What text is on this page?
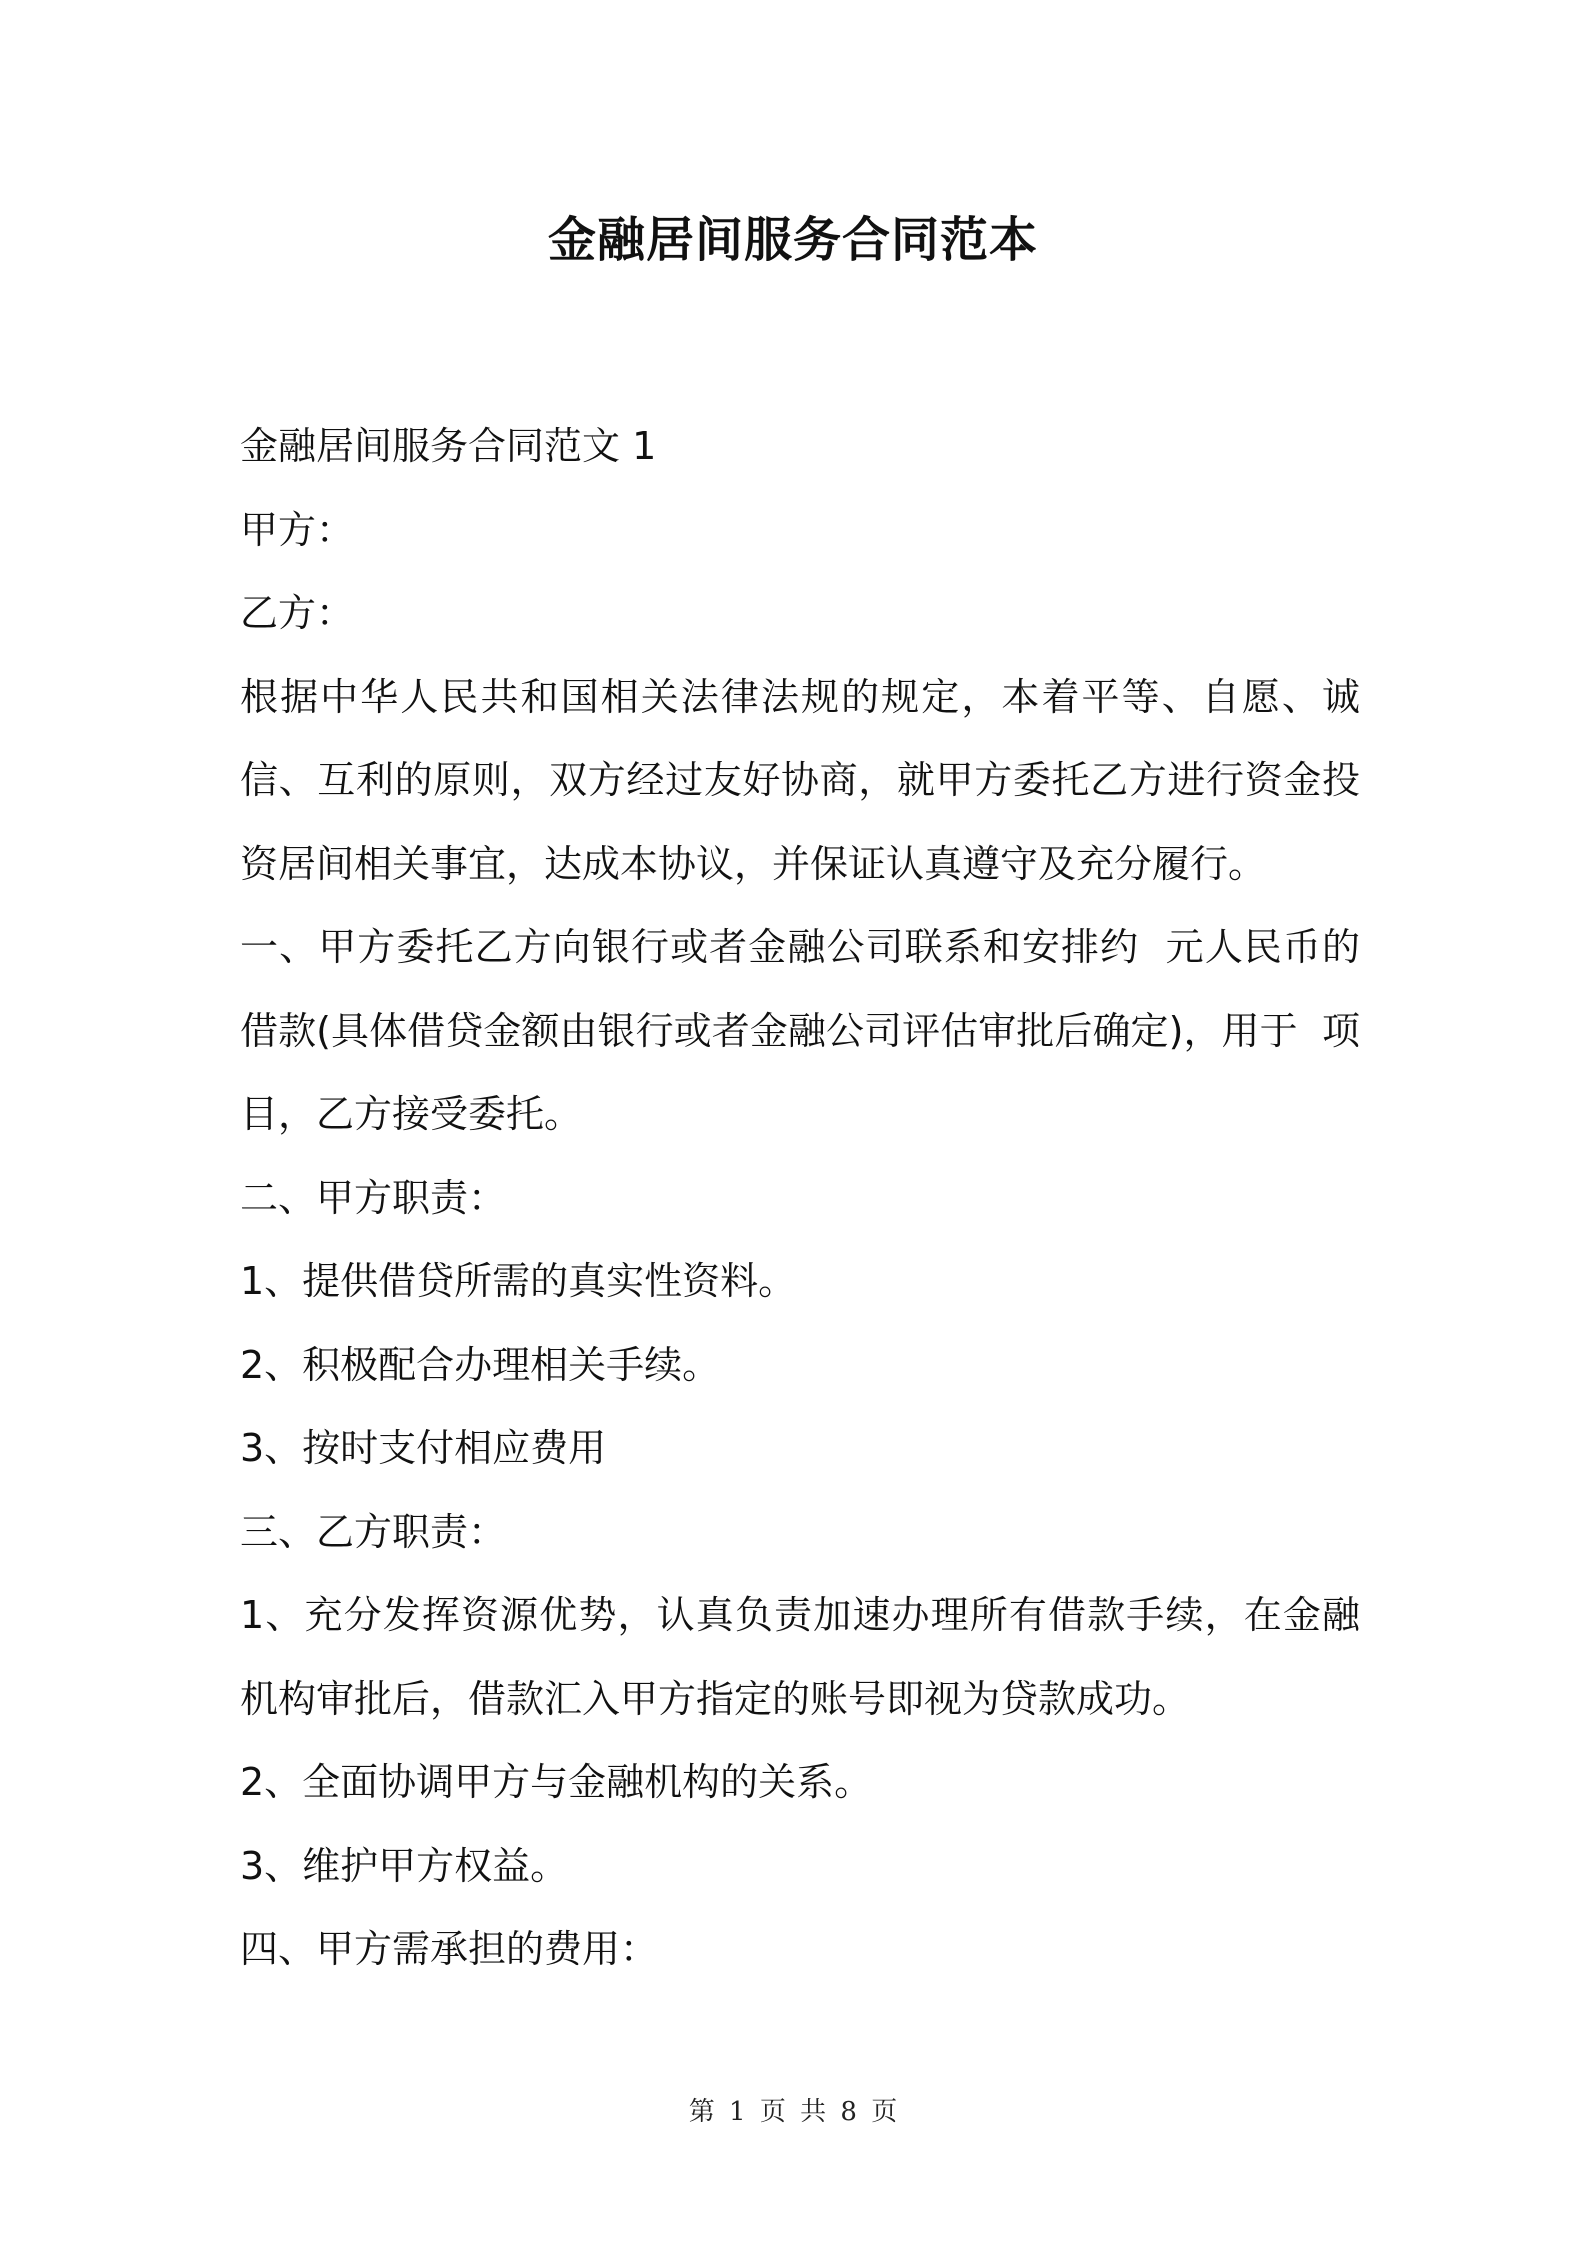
金融居间服务合同范本

金融居间服务合同范文 1

甲方：

乙方：

根据中华人民共和国相关法律法规的规定，本着平等、自愿、诚信、互利的原则，双方经过友好协商，就甲方委托乙方进行资金投资居间相关事宜，达成本协议，并保证认真遵守及充分履行。

一、甲方委托乙方向银行或者金融公司联系和安排约  元人民币的借款(具体借贷金额由银行或者金融公司评估审批后确定)，用于  项目，乙方接受委托。

二、甲方职责：

1、提供借贷所需的真实性资料。

2、积极配合办理相关手续。

3、按时支付相应费用

三、乙方职责：

1、充分发挥资源优势，认真负责加速办理所有借款手续，在金融机构审批后，借款汇入甲方指定的账号即视为贷款成功。

2、全面协调甲方与金融机构的关系。

3、维护甲方权益。

四、甲方需承担的费用：

第 1 页 共 8 页
